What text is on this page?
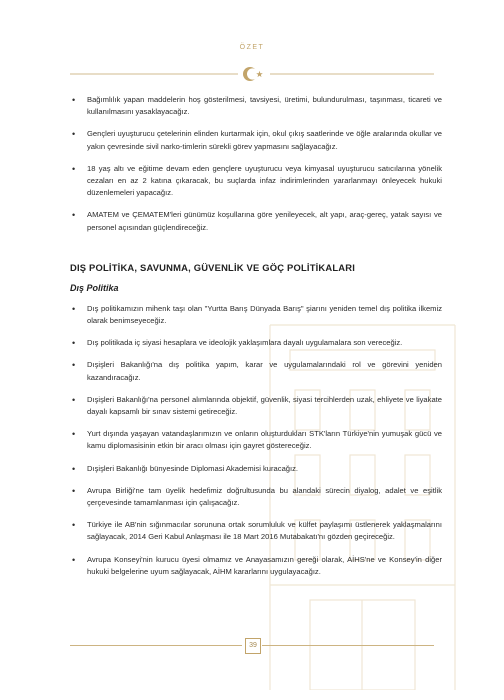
ÖZET
• Bağımlılık yapan maddelerin hoş gösterilmesi, tavsiyesi, üretimi, bulundurulması, taşınması, ticareti ve kullanılmasını yasaklayacağız.
• Gençleri uyuşturucu çetelerinin elinden kurtarmak için, okul çıkış saatlerinde ve öğle aralarında okullar ve yakın çevresinde sivil narko-timlerin sürekli görev yapmasını sağlayacağız.
• 18 yaş altı ve eğitime devam eden gençlere uyuşturucu veya kimyasal uyuşturucu satıcılarına yönelik cezaları en az 2 katına çıkaracak, bu suçlarda infaz indirimlerinden yararlanmayı önleyecek hukuki düzenlemeleri yapacağız.
• AMATEM ve ÇEMATEM'leri günümüz koşullarına göre yenileyecek, alt yapı, araç-gereç, yatak sayısı ve personel açısından güçlendireceğiz.
DIŞ POLİTİKA, SAVUNMA, GÜVENLİK VE GÖÇ POLİTİKALARI
Dış Politika
• Dış politikamızın mihenk taşı olan "Yurtta Barış Dünyada Barış" şiarını yeniden temel dış politika ilkemiz olarak benimseyeceğiz.
• Dış politikada iç siyasi hesaplara ve ideolojik yaklaşımlara dayalı uygulamalara son vereceğiz.
• Dışişleri Bakanlığı'na dış politika yapım, karar ve uygulamalarındaki rol ve görevini yeniden kazandıracağız.
• Dışişleri Bakanlığı'na personel alımlarında objektif, güvenlik, siyasi tercihlerden uzak, ehliyete ve liyakate dayalı kapsamlı bir sınav sistemi getireceğiz.
• Yurt dışında yaşayan vatandaşlarımızın ve onların oluşturdukları STK'ların Türkiye'nin yumuşak gücü ve kamu diplomasisinin etkin bir aracı olması için gayret göstereceğiz.
• Dışişleri Bakanlığı bünyesinde Diplomasi Akademisi kuracağız.
• Avrupa Birliği'ne tam üyelik hedefimiz doğrultusunda bu alandaki sürecin diyalog, adalet ve eşitlik çerçevesinde tamamlanması için çalışacağız.
• Türkiye ile AB'nin sığınmacılar sorununa ortak sorumluluk ve külfet paylaşımı üstlenerek yaklaşmalarını sağlayacak, 2014 Geri Kabul Anlaşması ile 18 Mart 2016 Mutabakatı'nı gözden geçireceğiz.
• Avrupa Konseyi'nin kurucu üyesi olmamız ve Anayasamızın gereği olarak, AİHS'ne ve Konsey'in diğer hukuki belgelerine uyum sağlayacak, AİHM kararlarını uygulayacağız.
39
